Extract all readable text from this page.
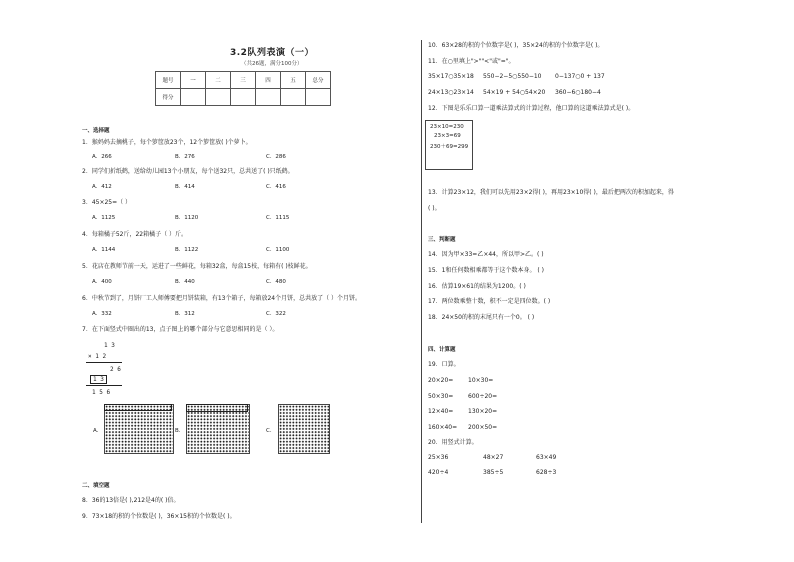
3.2队列表演（一）
（共26题，满分100分）
题号	一	二	三	四	五	总分
得分						
一、选择题
1．猴妈妈去摘桃子，每个箩筐放23个，12个箩筐放( )个萝卜。
A．266	B．276	C．286
2．同学们折纸鹤，送给幼儿园13个小朋友，每个送32只，总共送了( )只纸鹤。
A．412	B．414	C．416
3．45×25=（ ）
A．1125	B．1120	C．1115
4．每箱橘子52斤，22箱橘子（ ）斤。
A．1144	B．1122	C．1100
5．花店在教师节前一天，运进了一些鲜花，每箱32盒，每盒15枝，每箱有( )枝鲜花。
A．400	B．440	C．480
6．中秋节到了，月饼厂工人师傅要把月饼装箱，有13个箱子，每箱放24个月饼，总共放了（ ）个月饼。
A．332	B．312	C．322
7．在下面竖式中圈出的13，点子图上的哪个部分与它意思相同的是（ ）。
1 3
× 1 2
2 6
1 3
1 5 6
A．	B．	C．
二、填空题
8．36的13倍是( ),212是4的( )倍。
9．73×18的积的个位数是( )，36×15积的个位数是( )。
10．63×28的积的个位数字是( )，35×24的积的个位数字是( )。
11．在○里填上">""<"或"="。
35×17○35×18 550−2−5○550−10 0−137○0 + 137
24×13○23×14 54×19 + 54○54×20 360−6○180−4
12．下图是乐乐口算一道乘法算式的计算过程，他口算的这道乘法算式是( )。
23×10=230
23×3=69
230＋69=299
13．计算23×12，我们可以先用23×2得( )，再用23×10得( )，最后把两次的积加起来，得
( )。
三、判断题
14．因为甲×33=乙×44，所以甲>乙。( )
15．1和任何数相乘都等于这个数本身。 ( )
16．估算19×61的结果为1200。( )
17．两位数乘整十数，积不一定是四位数。( )
18．24×50的积的末尾只有一个0。 ( )
四、计算题
19．口算。
20×20= 10×30=
50×30= 600÷20=
12×40= 130×20=
160×40= 200×50=
20．用竖式计算。
25×36	48×27	63×49
420÷4	385÷5	628÷3
